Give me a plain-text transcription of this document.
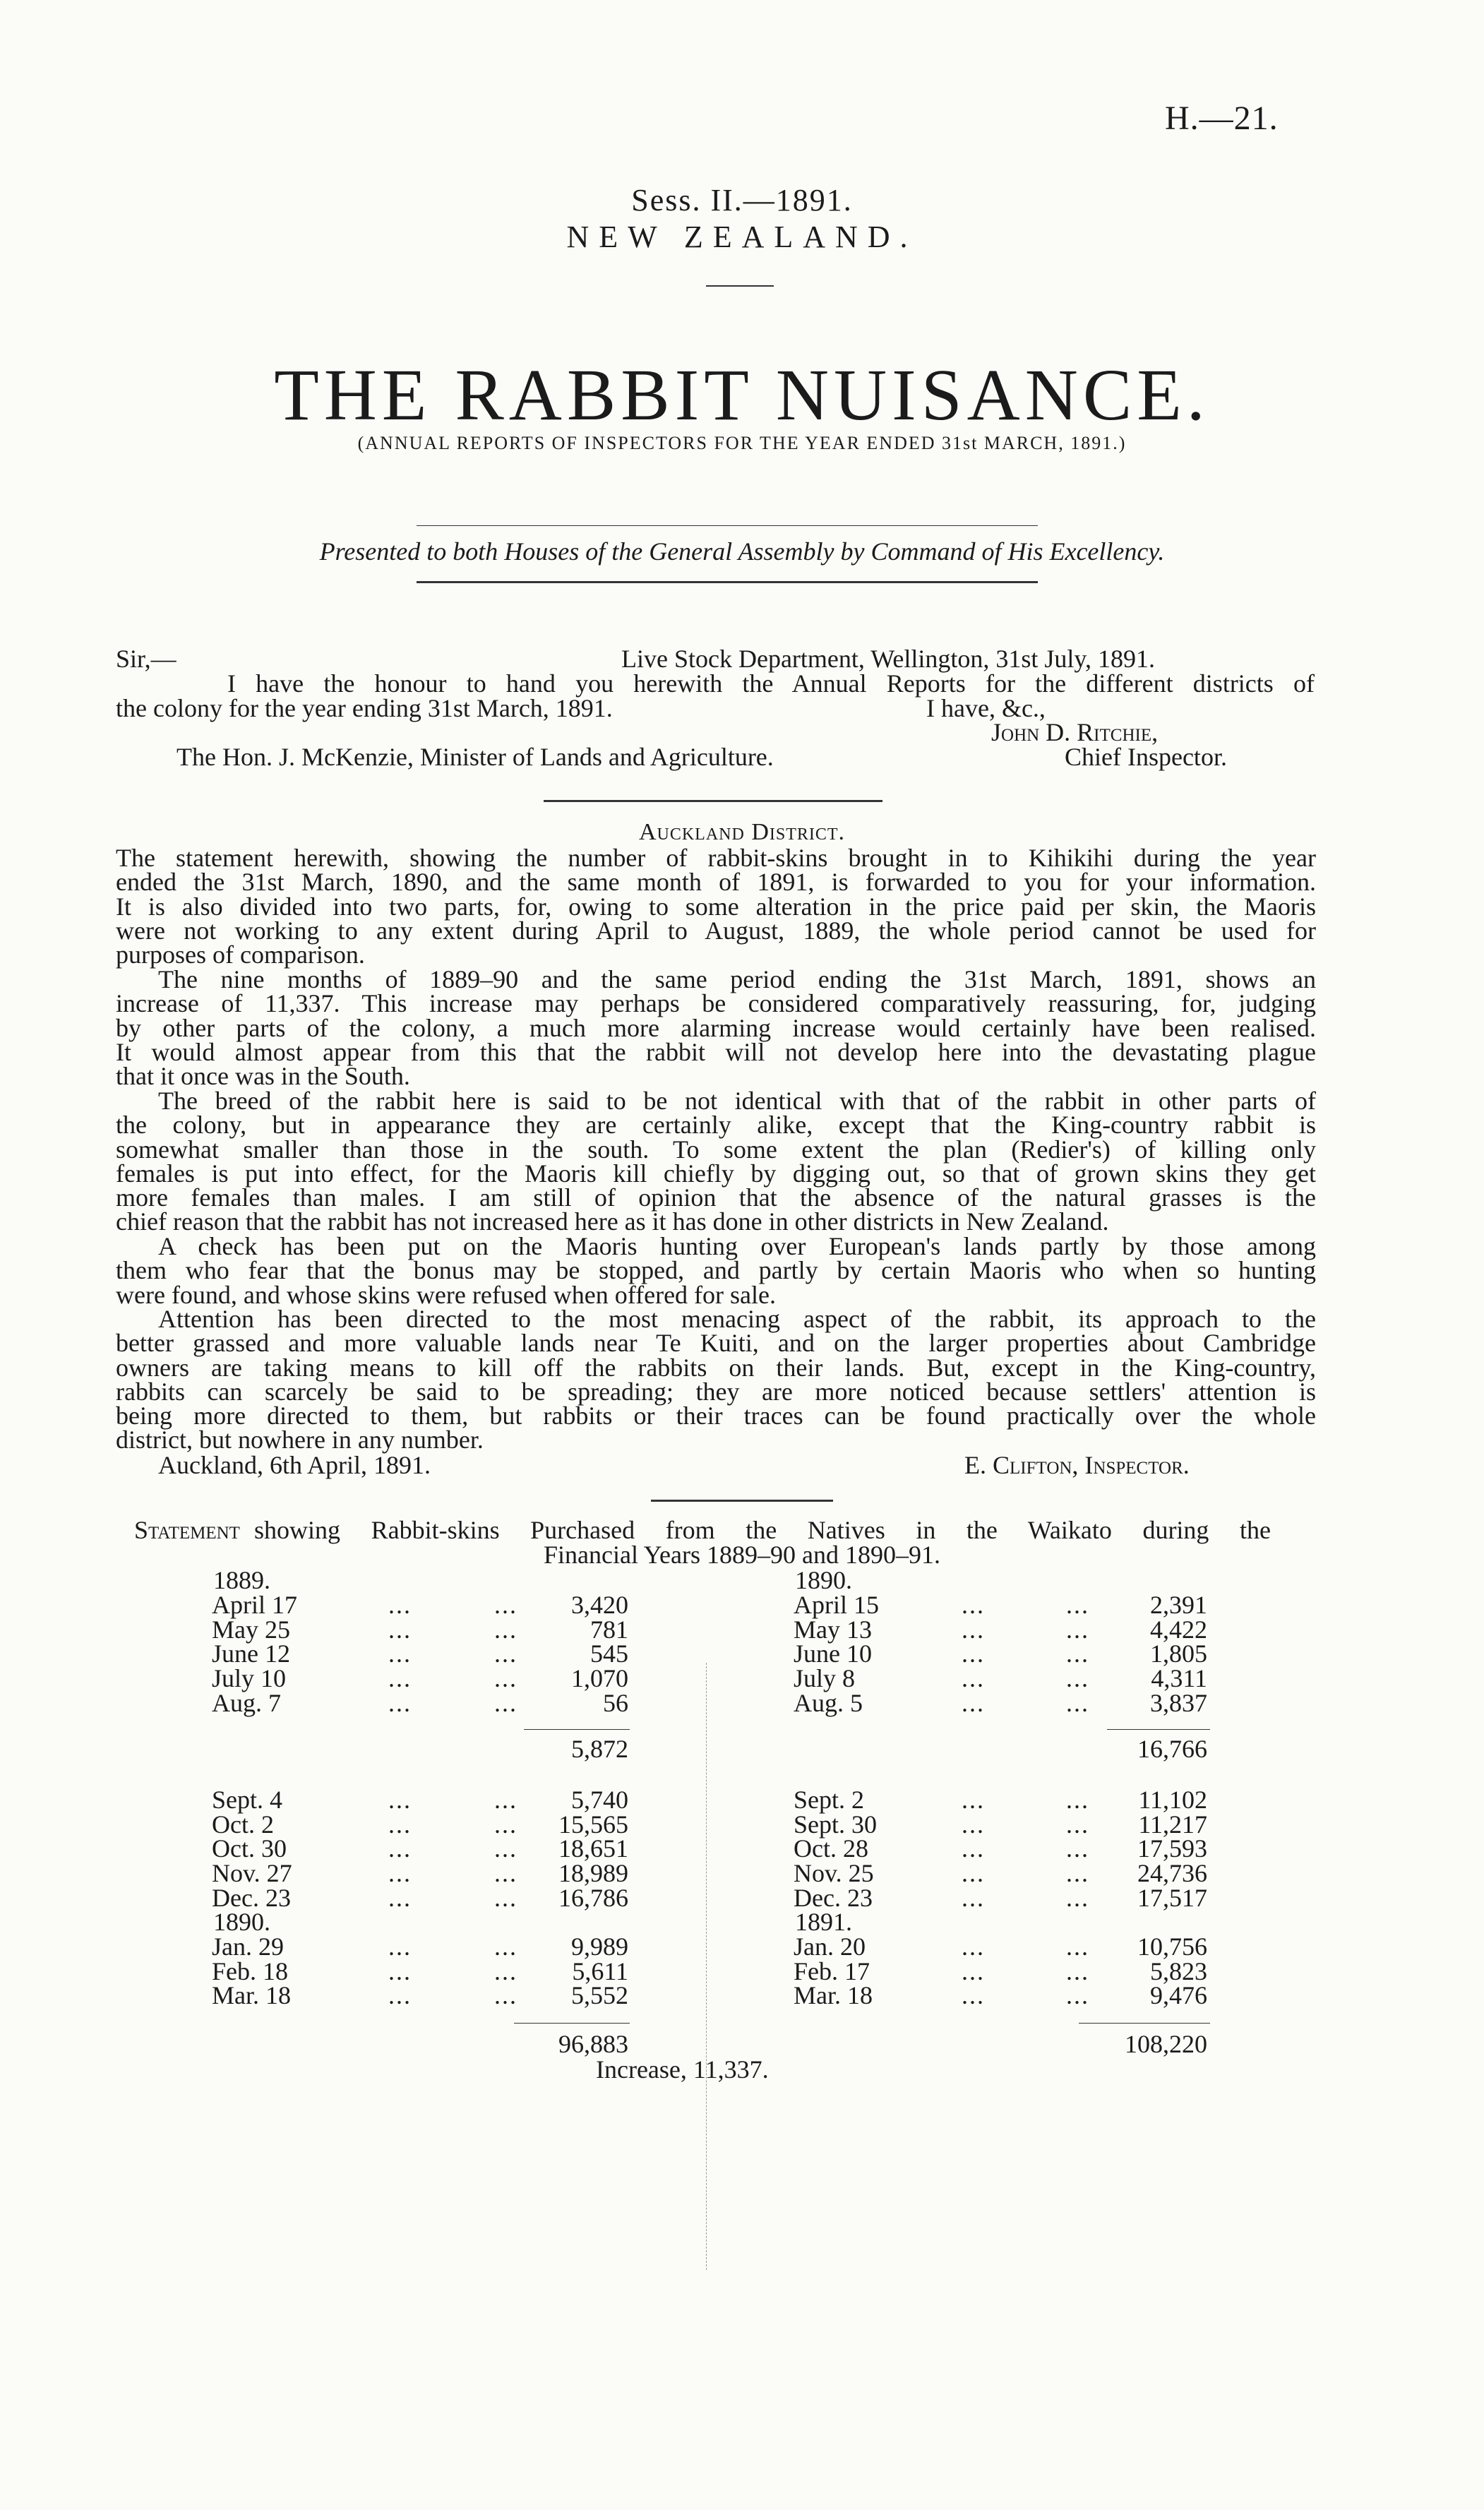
H.—21.
Sess. II.—1891.
NEW ZEALAND.
THE RABBIT NUISANCE.
(ANNUAL REPORTS OF INSPECTORS FOR THE YEAR ENDED 31st MARCH, 1891.)
Presented to both Houses of the General Assembly by Command of His Excellency.
Sir,—	Live Stock Department, Wellington, 31st July, 1891.
I have the honour to hand you herewith the Annual Reports for the different districts of
the colony for the year ending 31st March, 1891.	I have, &c.,
John D. Ritchie,
The Hon. J. McKenzie, Minister of Lands and Agriculture.	Chief Inspector.
Auckland District.
The statement herewith, showing the number of rabbit-skins brought in to Kihikihi during the year
ended the 31st March, 1890, and the same month of 1891, is forwarded to you for your information.
It is also divided into two parts, for, owing to some alteration in the price paid per skin, the Maoris
were not working to any extent during April to August, 1889, the whole period cannot be used for
purposes of comparison.
The nine months of 1889–90 and the same period ending the 31st March, 1891, shows an
increase of 11,337. This increase may perhaps be considered comparatively reassuring, for, judging
by other parts of the colony, a much more alarming increase would certainly have been realised.
It would almost appear from this that the rabbit will not develop here into the devastating plague
that it once was in the South.
The breed of the rabbit here is said to be not identical with that of the rabbit in other parts of
the colony, but in appearance they are certainly alike, except that the King-country rabbit is
somewhat smaller than those in the south. To some extent the plan (Redier's) of killing only
females is put into effect, for the Maoris kill chiefly by digging out, so that of grown skins they get
more females than males. I am still of opinion that the absence of the natural grasses is the
chief reason that the rabbit has not increased here as it has done in other districts in New Zealand.
A check has been put on the Maoris hunting over European's lands partly by those among
them who fear that the bonus may be stopped, and partly by certain Maoris who when so hunting
were found, and whose skins were refused when offered for sale.
Attention has been directed to the most menacing aspect of the rabbit, its approach to the
better grassed and more valuable lands near Te Kuiti, and on the larger properties about Cambridge
owners are taking means to kill off the rabbits on their lands. But, except in the King-country,
rabbits can scarcely be said to be spreading; they are more noticed because settlers' attention is
being more directed to them, but rabbits or their traces can be found practically over the whole
district, but nowhere in any number.
Auckland, 6th April, 1891.	E. Clifton, Inspector.
Statement showing Rabbit-skins Purchased from the Natives in the Waikato during the
Financial Years 1889–90 and 1890–91.
1889.
April 17	...	...	3,420
May 25	...	...	781
June 12	...	...	545
July 10	...	...	1,070
Aug. 7	...	...	56
5,872
Sept. 4	...	...	5,740
Oct. 2	...	...	15,565
Oct. 30	...	...	18,651
Nov. 27	...	...	18,989
Dec. 23	...	...	16,786
1890.
Jan. 29	...	...	9,989
Feb. 18	...	...	5,611
Mar. 18	...	...	5,552
96,883
1890.
April 15	...	...	2,391
May 13	...	...	4,422
June 10	...	...	1,805
July 8	...	...	4,311
Aug. 5	...	...	3,837
16,766
Sept. 2	...	...	11,102
Sept. 30	...	...	11,217
Oct. 28	...	...	17,593
Nov. 25	...	...	24,736
Dec. 23	...	...	17,517
1891.
Jan. 20	...	...	10,756
Feb. 17	...	...	5,823
Mar. 18	...	...	9,476
108,220
Increase, 11,337.
